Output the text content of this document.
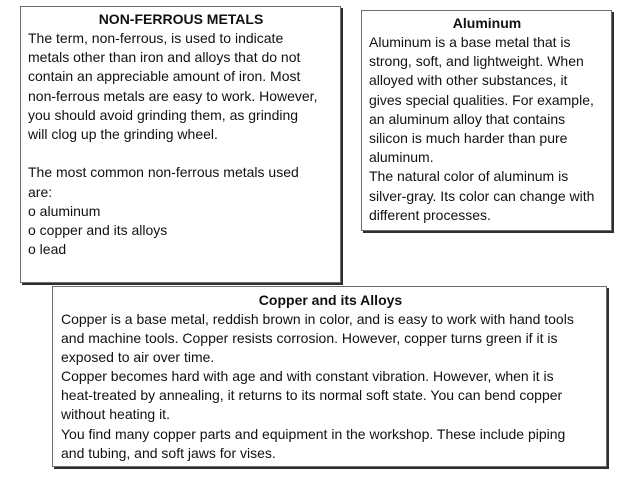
NON-FERROUS METALS

The term, non-ferrous, is used to indicate

metals other than iron and alloys that do not

contain an appreciable amount of iron. Most

non-ferrous metals are easy to work. However,

you should avoid grinding them, as grinding

will clog up the grinding wheel.

The most common non-ferrous metals used

are:

o aluminum

o copper and its alloys

o lead

Aluminum

Aluminum is a base metal that is

strong, soft, and lightweight. When

alloyed with other substances, it

gives special qualities. For example,

an aluminum alloy that contains

silicon is much harder than pure

aluminum.

The natural color of aluminum is

silver-gray. Its color can change with

different processes.

Copper and its Alloys

Copper is a base metal, reddish brown in color, and is easy to work with hand tools

and machine tools. Copper resists corrosion. However, copper turns green if it is

exposed to air over time.

Copper becomes hard with age and with constant vibration. However, when it is

heat-treated by annealing, it returns to its normal soft state. You can bend copper

without heating it.

You find many copper parts and equipment in the workshop. These include piping

and tubing, and soft jaws for vises.
